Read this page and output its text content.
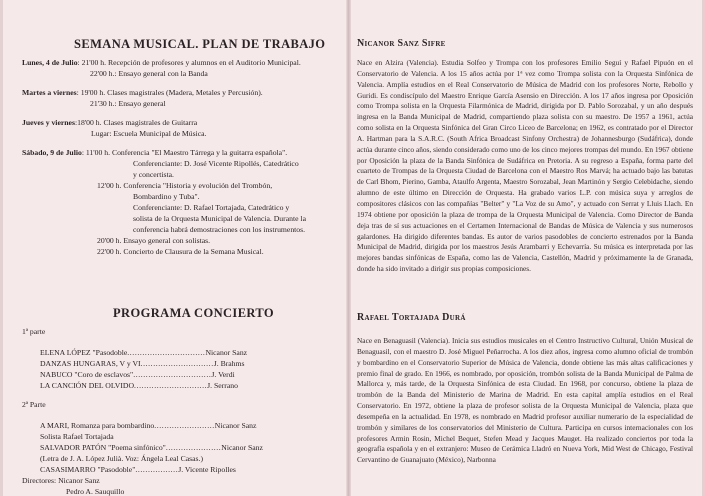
SEMANA MUSICAL. PLAN DE TRABAJO
Lunes, 4 de Julio: 21'00 h. Recepción de profesores y alumnos en el Auditorio Municipal.
22'00 h.: Ensayo general con la Banda
Martes a viernes: 19'00 h. Clases magistrales (Madera, Metales y Percusión).
21'30 h.: Ensayo general
Jueves y viernes:18'00 h. Clases magistrales de Guitarra
Lugar: Escuela Municipal de Música.
Sábado, 9 de Julio: 11'00 h. Conferencia "El Maestro Tárrega y la guitarra española".
Conferenciante: D. José Vicente Ripollés, Catedrático
y concertista.
12'00 h. Conferencia "Historia y evolución del Trombón,
Bombardino y Tuba".
Conferenciante: D. Rafael Tortajada, Catedrático y
solista de la Orquesta Municipal de Valencia. Durante la
conferencia habrá demostraciones con los instrumentos.
20'00 h. Ensayo general con solistas.
22'00 h. Concierto de Clausura de la Semana Musical.
PROGRAMA CONCIERTO
1ª parte
ELENA LÓPEZ "Pasodoble...............................Nicanor Sanz
DANZAS HUNGARAS, V y VI.............................J. Brahms
NABUCO "Coro de esclavos"...............................J. Verdi
LA CANCIÓN DEL OLVIDO.............................J. Serrano
2ª Parte
A MARI, Romanza para bombardino........................Nicanor Sanz
Solista Rafael Tortajada
SALVADOR PATÓN "Poema sinfónico"......................Nicanor Sanz
(Letra de J. A. López Julià. Voz: Ángela Leal Casas.)
CASASIMARRO "Pasodoble".................J. Vicente Ripolles
Directores: Nicanor Sanz
Pedro A. Sauquillo
Nicanor Sanz Sifre
Nace en Alzira (Valencia). Estudia Solfeo y Trompa con los profesores Emilio Seguí y Rafael Pipuón en el Conservatorio de Valencia. A los 15 años actúa por 1ª vez como Trompa solista con la Orquesta Sinfónica de Valencia. Amplía estudios en el Real Conservatorio de Música de Madrid con los profesores Norte, Rebollo y Guridi. Es condiscípulo del Maestro Enrique García Asensio en Dirección. A los 17 años ingresa por Oposición como Trompa solista en la Orquesta Filarmónica de Madrid, dirigida por D. Pablo Sorozabal, y un año después ingresa en la Banda Municipal de Madrid, compartiendo plaza solista con su maestro. De 1957 a 1961, actúa como solista en la Orquesta Sinfónica del Gran Circo Liceo de Barcelona; en 1962, es contratado por el Director A. Hartman para la S.A.R.C. (South Africa Broadcast Sinfony Orchestra) de Johannesburgo (Sudáfrica), donde actúa durante cinco años, siendo considerado como uno de los cinco mejores trompas del mundo. En 1967 obtiene por Oposición la plaza de la Banda Sinfónica de Sudáfrica en Pretoria. A su regreso a España, forma parte del cuarteto de Trompas de la Orquesta Ciudad de Barcelona con el Maestro Ros Marvá; ha actuado bajo las batutas de Carl Bhom, Pierino, Gamba, Ataulfo Argenta, Maestro Sorozabal, Jean Martinón y Sergio Celebidache, siendo alumno de este último en Dirección de Orquesta. Ha grabado varios L.P. con música suya y arreglos de compositores clásicos con las compañías "Belter" y "La Voz de su Amo", y actuado con Serrat y Lluis Llach. En 1974 obtiene por oposición la plaza de trompa de la Orquesta Municipal de Valencia. Como Director de Banda deja tras de sí sus actuaciones en el Certamen Internacional de Bandas de Música de Valencia y sus numerosos galardones. Ha dirigido diferentes bandas. Es autor de varios pasodobles de concierto estrenados por la Banda Municipal de Madrid, dirigida por los maestros Jesús Arambarri y Echevarría. Su música es interpretada por las mejores bandas sinfónicas de España, como las de Valencia, Castellón, Madrid y próximamente la de Granada, donde ha sido invitado a dirigir sus propias composiciones.
Rafael Tortajada Durá
Nace en Benaguasil (Valencia). Inicia sus estudios musicales en el Centro Instructivo Cultural, Unión Musical de Benaguasil, con el maestro D. José Miguel Peñarrocha. A los diez años, ingresa como alumno oficial de trombón y bombardino en el Conservatorio Superior de Música de Valencia, donde obtiene las más altas calificaciones y premio final de grado. En 1966, es nombrado, por oposición, trombón solista de la Banda Municipal de Palma de Mallorca y, más tarde, de la Orquesta Sinfónica de esta Ciudad. En 1968, por concurso, obtiene la plaza de trombón de la Banda del Ministerio de Marina de Madrid. En esta capital amplía estudios en el Real Conservatorio. En 1972, obtiene la plaza de profesor solista de la Orquesta Municipal de Valencia, plaza que desempeña en la actualidad. En 1978, es nombrado en Madrid profesor auxiliar numerario de la especialidad de trombón y similares de los conservatorios del Ministerio de Cultura. Participa en cursos internacionales con los profesores Armin Rosin, Michel Bequet, Stefen Mead y Jacques Mauget. Ha realizado conciertos por toda la geografía española y en el extranjero: Museo de Cerámica Lladró en Nueva York, Mid West de Chicago, Festival Cervantino de Guanajuato (México), Narbonna
